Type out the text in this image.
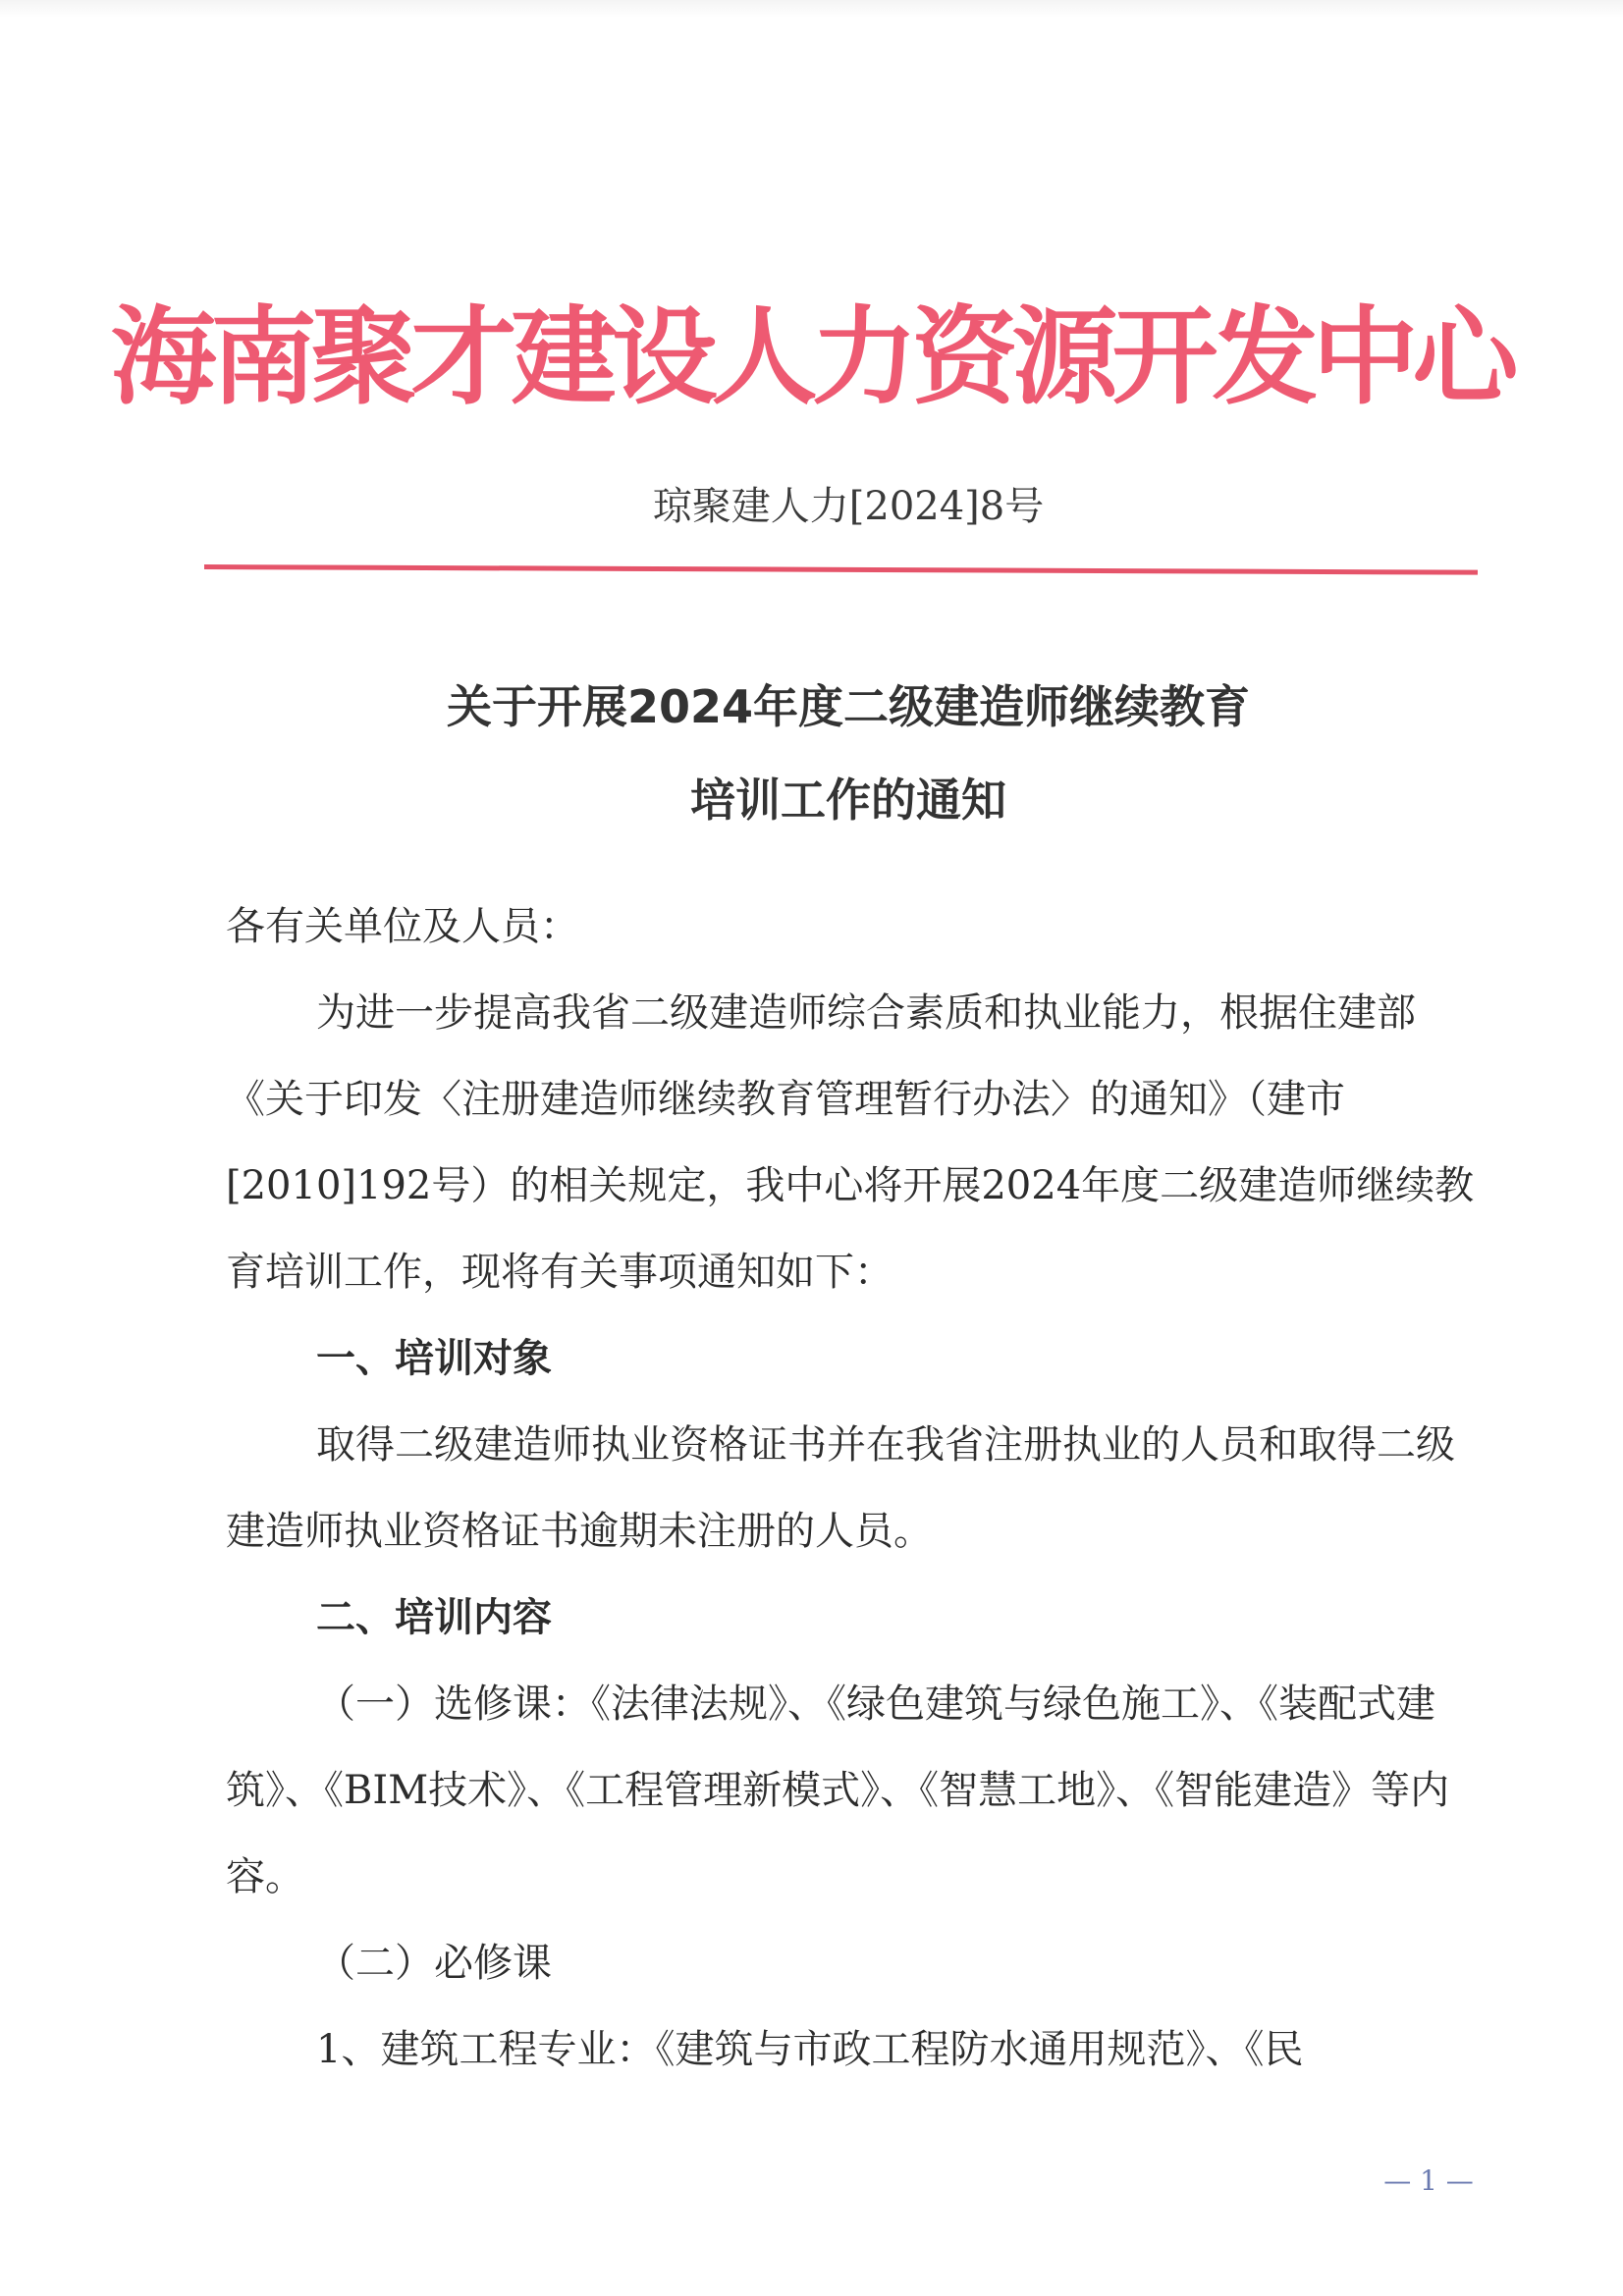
海南聚才建设人力资源开发中心
琼聚建人力[2024]8号
关于开展2024年度二级建造师继续教育
培训工作的通知

各有关单位及人员：

为进一步提高我省二级建造师综合素质和执业能力，根据住建部《关于印发〈注册建造师继续教育管理暂行办法〉的通知》（建市[2010]192号）的相关规定，我中心将开展2024年度二级建造师继续教育培训工作，现将有关事项通知如下：

一、培训对象

取得二级建造师执业资格证书并在我省注册执业的人员和取得二级建造师执业资格证书逾期未注册的人员。

二、培训内容

（一）选修课：《法律法规》、《绿色建筑与绿色施工》、《装配式建筑》、《BIM技术》、《工程管理新模式》、《智慧工地》、《智能建造》等内容。

（二）必修课

1、建筑工程专业：《建筑与市政工程防水通用规范》、《民

— 1 —
